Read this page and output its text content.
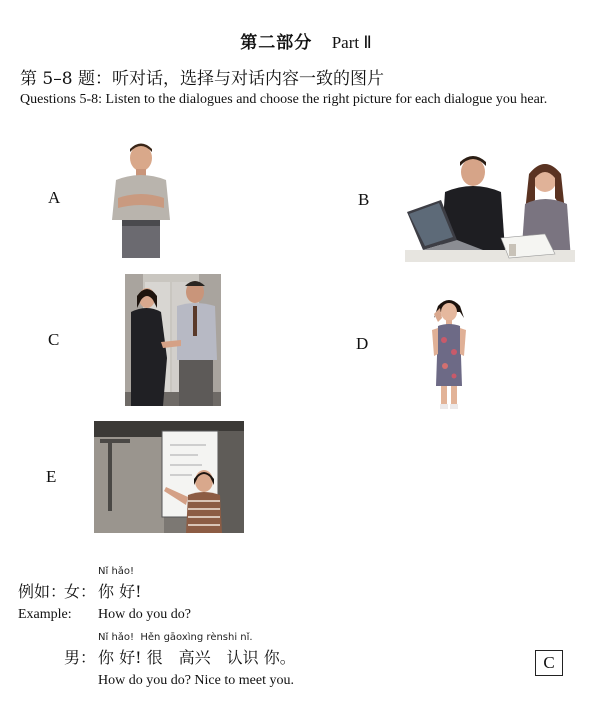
第二部分 Part Ⅱ
第 5–8 题：听对话，选择与对话内容一致的图片
Questions 5-8: Listen to the dialogues and choose the right picture for each dialogue you hear.
A	B
C	D
E
Nǐ hǎo!
例如：
女： 你 好!
Example: How do you do?
Nǐ hǎo!  Hěn gāoxìng rènshi nǐ.
男： 你 好! 很　高兴　认识 你。
How do you do? Nice to meet you.
C
